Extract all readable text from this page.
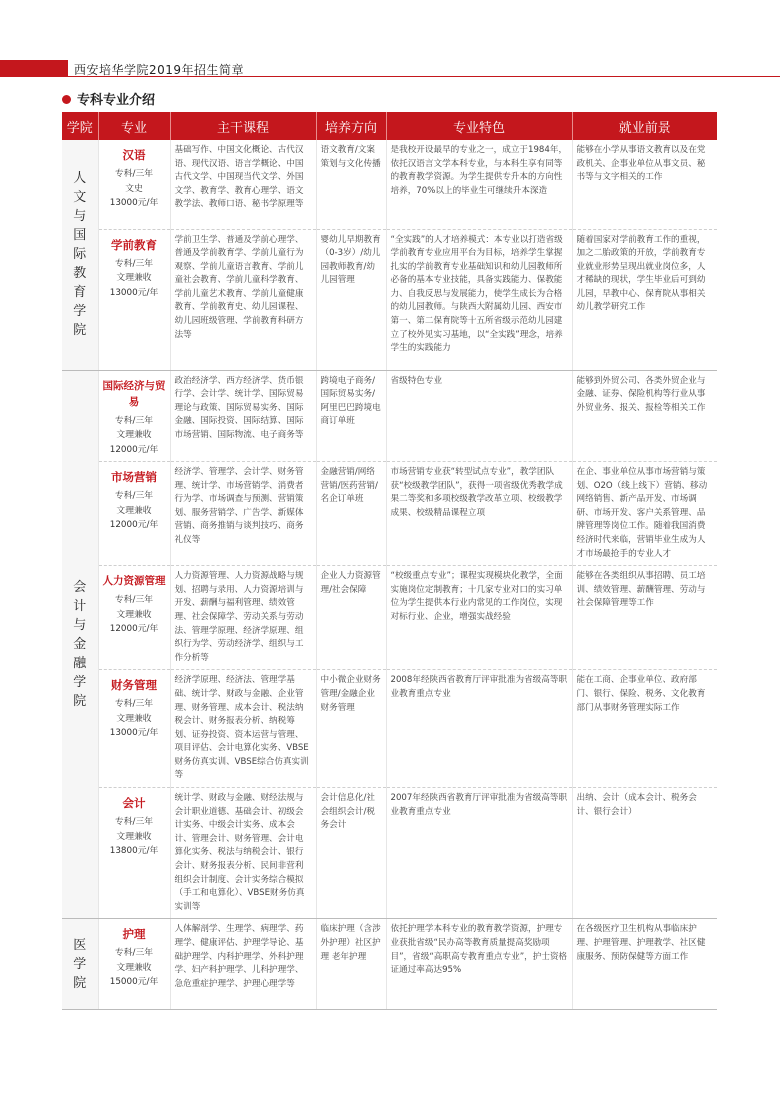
西安培华学院2019年招生简章
专科专业介绍
学院	专业	主干课程	培养方向	专业特色	就业前景

人文与国际教育学院	汉语
专科/三年
文史
13000元/年	基础写作、中国文化概论、古代汉语、现代汉语、语言学概论、中国古代文学、中国现当代文学、外国文学、教育学、教育心理学、语文教学法、教师口语、秘书学原理等	语文教育/文案策划与文化传播	是我校开设最早的专业之一，成立于1984年，依托汉语言文学本科专业，与本科生享有同等的教育教学资源。为学生提供专升本的方向性培养，70%以上的毕业生可继续升本深造	能够在小学从事语文教育以及在党政机关、企事业单位从事文员、秘书等与文字相关的工作

	学前教育
专科/三年
文理兼收
13000元/年	学前卫生学、普通及学前心理学、普通及学前教育学、学前儿童行为观察、学前儿童语言教育、学前儿童社会教育、学前儿童科学教育、学前儿童艺术教育、学前儿童健康教育、学前教育史、幼儿园课程、幼儿园班级管理、学前教育科研方法等	婴幼儿早期教育（0-3岁）/幼儿园教师教育/幼儿园管理	“全实践”的人才培养模式：本专业以打造省级学前教育专业应用平台为目标，培养学生掌握扎实的学前教育专业基础知识和幼儿园教师所必备的基本专业技能，具备实践能力、保教能力、自我反思与发展能力，使学生成长为合格的幼儿园教师。与陕西大附属幼儿园、西安市第一、第二保育院等十五所省级示范幼儿园建立了校外见实习基地，以“全实践”理念，培养学生的实践能力	随着国家对学前教育工作的重视，加之二胎政策的开放，学前教育专业就业形势呈现出就业岗位多，人才稀缺的现状，学生毕业后可到幼儿园，早教中心、保育院从事相关幼儿教学研究工作

会计与金融学院	国际经济与贸易
专科/三年
文理兼收
12000元/年	政治经济学、西方经济学、货币银行学、会计学、统计学、国际贸易理论与政策、国际贸易实务、国际金融、国际投资、国际结算、国际市场营销、国际物流、电子商务等	跨境电子商务/国际贸易实务/阿里巴巴跨境电商订单班	省级特色专业	能够到外贸公司、各类外贸企业与金融、证券、保险机构等行业从事外贸业务、报关、报检等相关工作

	市场营销
专科/三年
文理兼收
12000元/年	经济学、管理学、会计学、财务管理、统计学、市场营销学、消费者行为学、市场调查与预测、营销策划、服务营销学、广告学、新媒体营销、商务推销与谈判技巧、商务礼仪等	金融营销/网络营销/医药营销/名企订单班	市场营销专业获“转型试点专业”，教学团队获“校级教学团队”，获得一项省级优秀教学成果二等奖和多项校级教学改革立项、校级教学成果、校级精品课程立项	在企、事业单位从事市场营销与策划、O2O（线上线下）营销、移动网络销售、新产品开发、市场调研、市场开发、客户关系管理、品牌管理等岗位工作。随着我国消费经济时代来临，营销毕业生成为人才市场最抢手的专业人才

	人力资源管理
专科/三年
文理兼收
12000元/年	人力资源管理、人力资源战略与规划、招聘与录用、人力资源培训与开发、薪酬与福利管理、绩效管理、社会保障学、劳动关系与劳动法、管理学原理、经济学原理、组织行为学、劳动经济学、组织与工作分析等	企业人力资源管理/社会保障	“校级重点专业”；课程实现模块化教学，全面实施岗位定制教育；十几家专业对口的实习单位为学生提供本行业内常见的工作岗位，实现对标行业、企业，增强实战经验	能够在各类组织从事招聘、员工培训、绩效管理、薪酬管理、劳动与社会保障管理等工作

	财务管理
专科/三年
文理兼收
13000元/年	经济学原理、经济法、管理学基础、统计学、财政与金融、企业管理、财务管理、成本会计、税法纳税会计、财务报表分析、纳税筹划、证券投资、资本运营与管理、项目评估、会计电算化实务、VBSE财务仿真实训、VBSE综合仿真实训等	中小微企业财务管理/金融企业财务管理	2008年经陕西省教育厅评审批准为省级高等职业教育重点专业	能在工商、企事业单位、政府部门、银行、保险、税务、文化教育部门从事财务管理实际工作

	会计
专科/三年
文理兼收
13800元/年	统计学、财政与金融、财经法规与会计职业道德、基础会计、初级会计实务、中级会计实务、成本会计、管理会计、财务管理、会计电算化实务、税法与纳税会计、银行会计、财务报表分析、民间非营利组织会计制度、会计实务综合模拟（手工和电算化）、VBSE财务仿真实训等	会计信息化/社会组织会计/税务会计	2007年经陕西省教育厅评审批准为省级高等职业教育重点专业	出纳、会计（成本会计、税务会计、银行会计）

医学院	护理
专科/三年
文理兼收
15000元/年	人体解剖学、生理学、病理学、药理学、健康评估、护理学导论、基础护理学、内科护理学、外科护理学、妇产科护理学、儿科护理学、急危重症护理学、护理心理学等	临床护理（含涉外护理）社区护理 老年护理	依托护理学本科专业的教育教学资源，护理专业获批省级“民办高等教育质量提高奖励项目”，省级“高职高专教育重点专业”，护士资格证通过率高达95%	在各级医疗卫生机构从事临床护理、护理管理、护理教学、社区健康服务、预防保健等方面工作
